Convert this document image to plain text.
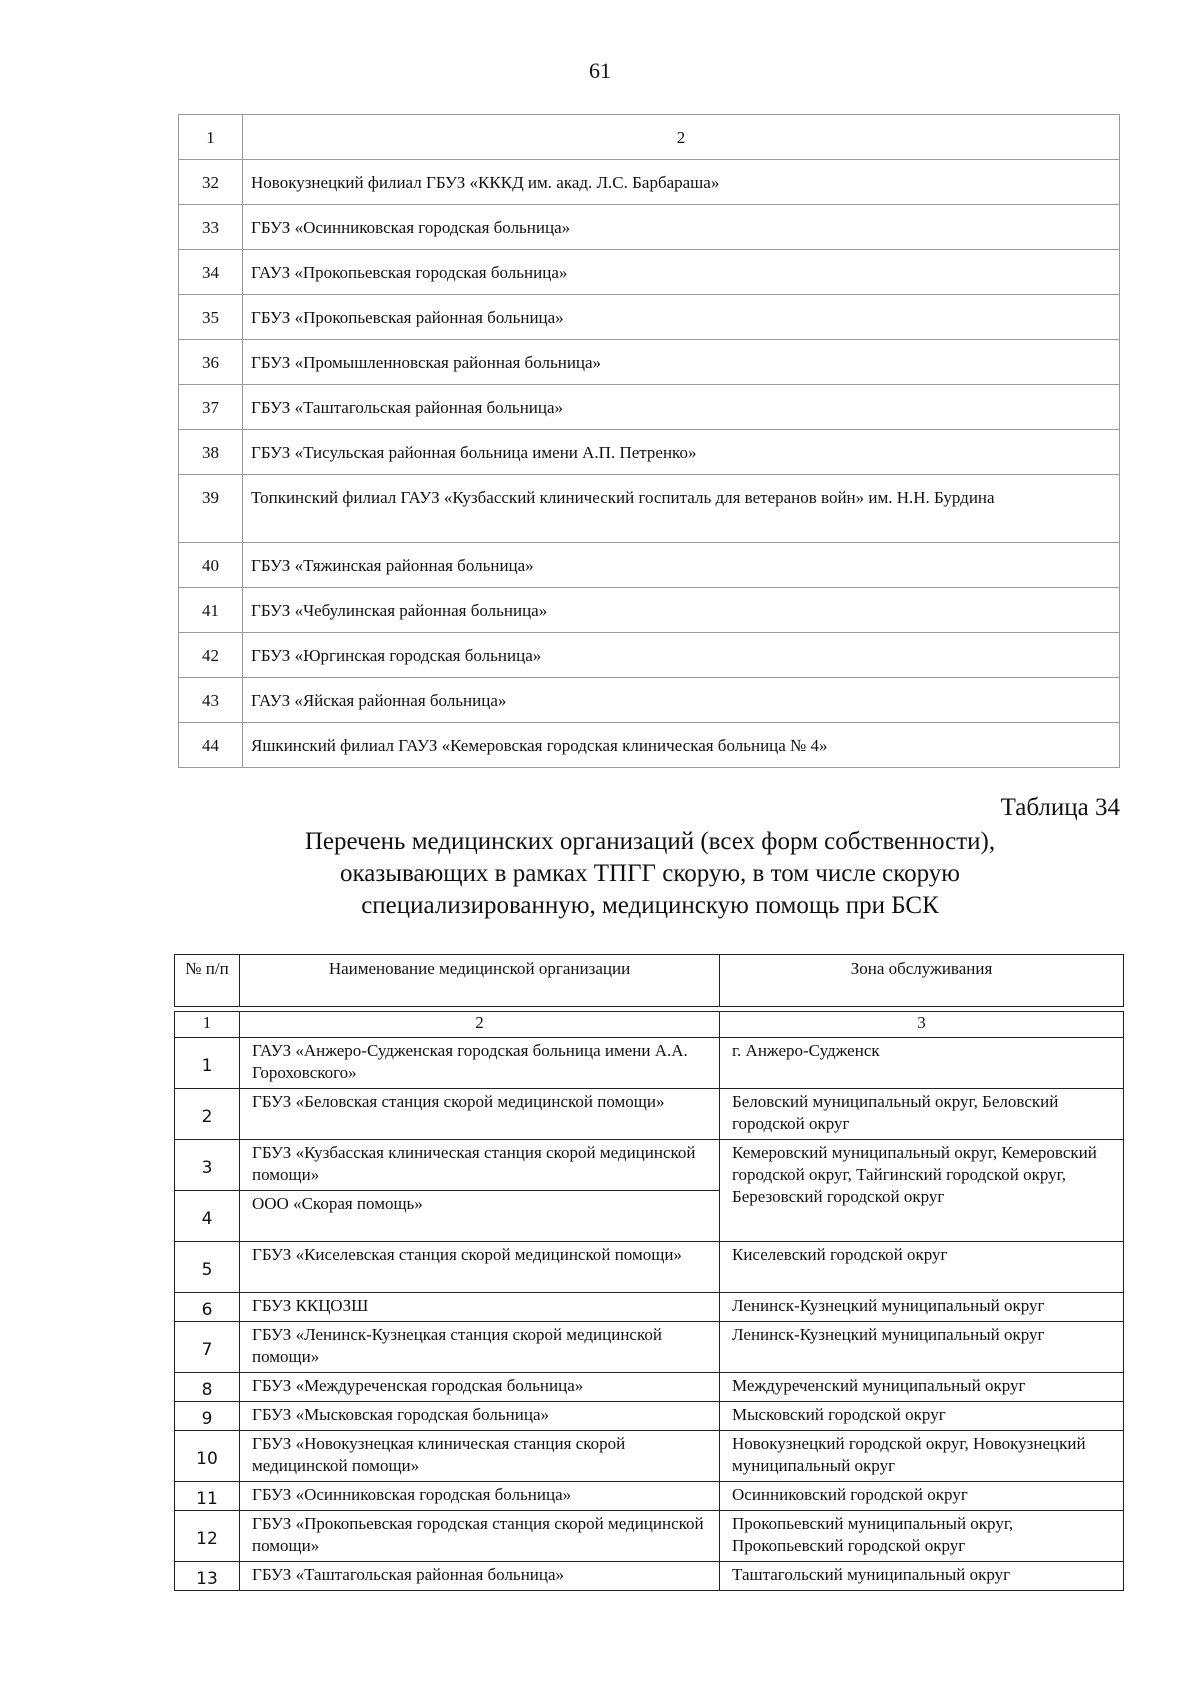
61
1	2
32	Новокузнецкий филиал ГБУЗ «КККД им. акад. Л.С. Барбараша»
33	ГБУЗ «Осинниковская городская больница»
34	ГАУЗ «Прокопьевская городская больница»
35	ГБУЗ «Прокопьевская районная больница»
36	ГБУЗ «Промышленновская районная больница»
37	ГБУЗ «Таштагольская районная больница»
38	ГБУЗ «Тисульская районная больница имени А.П. Петренко»
39	Топкинский филиал ГАУЗ «Кузбасский клинический госпиталь для ветеранов войн» им. Н.Н. Бурдина
40	ГБУЗ «Тяжинская районная больница»
41	ГБУЗ «Чебулинская районная больница»
42	ГБУЗ «Юргинская городская больница»
43	ГАУЗ «Яйская районная больница»
44	Яшкинский филиал ГАУЗ «Кемеровская городская клиническая больница № 4»
Таблица 34
Перечень медицинских организаций (всех форм собственности),
оказывающих в рамках ТПГГ скорую, в том числе скорую
специализированную, медицинскую помощь при БСК
№ п/п	Наименование медицинской организации	Зона обслуживания
1	2	3
1	ГАУЗ «Анжеро-Судженская городская больница имени А.А. Гороховского»	г. Анжеро-Судженск
2	ГБУЗ «Беловская станция скорой медицинской помощи»	Беловский муниципальный округ, Беловский городской округ
3	ГБУЗ «Кузбасская клиническая станция скорой медицинской помощи»	Кемеровский муниципальный округ, Кемеровский городской округ, Тайгинский городской округ, Березовский городской округ
4	ООО «Скорая помощь»	
5	ГБУЗ «Киселевская станция скорой медицинской помощи»	Киселевский городской округ
6	ГБУЗ ККЦОЗШ	Ленинск-Кузнецкий муниципальный округ
7	ГБУЗ «Ленинск-Кузнецкая станция скорой медицинской помощи»	Ленинск-Кузнецкий муниципальный округ
8	ГБУЗ «Междуреченская городская больница»	Междуреченский муниципальный округ
9	ГБУЗ «Мысковская городская больница»	Мысковский городской округ
10	ГБУЗ «Новокузнецкая клиническая станция скорой медицинской помощи»	Новокузнецкий городской округ, Новокузнецкий муниципальный округ
11	ГБУЗ «Осинниковская городская больница»	Осинниковский городской округ
12	ГБУЗ «Прокопьевская городская станция скорой медицинской помощи»	Прокопьевский муниципальный округ, Прокопьевский городской округ
13	ГБУЗ «Таштагольская районная больница»	Таштагольский муниципальный округ
